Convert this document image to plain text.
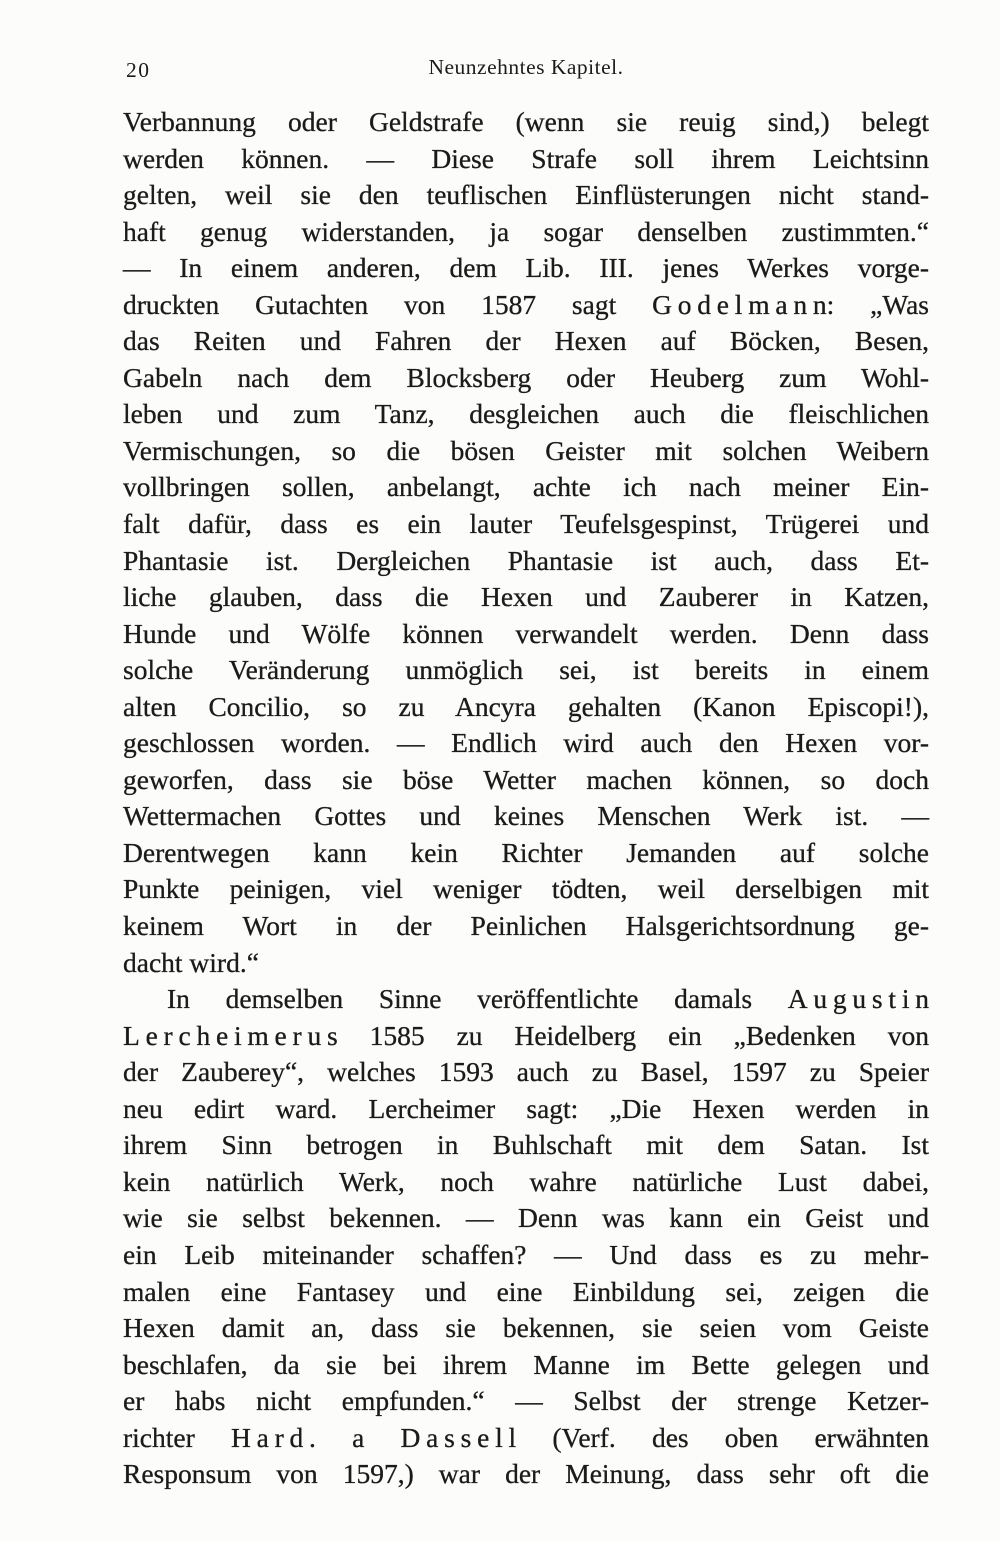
20	Neunzehntes Kapitel.
Verbannung oder Geldstrafe (wenn sie reuig sind,) belegt
werden können. — Diese Strafe soll ihrem Leichtsinn
gelten, weil sie den teuflischen Einflüsterungen nicht stand-
haft genug widerstanden, ja sogar denselben zustimmten.“
— In einem anderen, dem Lib. III. jenes Werkes vorge-
druckten Gutachten von 1587 sagt Godelmann: „Was
das Reiten und Fahren der Hexen auf Böcken, Besen,
Gabeln nach dem Blocksberg oder Heuberg zum Wohl-
leben und zum Tanz, desgleichen auch die fleischlichen
Vermischungen, so die bösen Geister mit solchen Weibern
vollbringen sollen, anbelangt, achte ich nach meiner Ein-
falt dafür, dass es ein lauter Teufelsgespinst, Trügerei und
Phantasie ist. Dergleichen Phantasie ist auch, dass Et-
liche glauben, dass die Hexen und Zauberer in Katzen,
Hunde und Wölfe können verwandelt werden. Denn dass
solche Veränderung unmöglich sei, ist bereits in einem
alten Concilio, so zu Ancyra gehalten (Kanon Episcopi!),
geschlossen worden. — Endlich wird auch den Hexen vor-
geworfen, dass sie böse Wetter machen können, so doch
Wettermachen Gottes und keines Menschen Werk ist. —
Derentwegen kann kein Richter Jemanden auf solche
Punkte peinigen, viel weniger tödten, weil derselbigen mit
keinem Wort in der Peinlichen Halsgerichtsordnung ge-
dacht wird.“
In demselben Sinne veröffentlichte damals Augustin
Lercheimerus 1585 zu Heidelberg ein „Bedenken von
der Zauberey“, welches 1593 auch zu Basel, 1597 zu Speier
neu edirt ward. Lercheimer sagt: „Die Hexen werden in
ihrem Sinn betrogen in Buhlschaft mit dem Satan. Ist
kein natürlich Werk, noch wahre natürliche Lust dabei,
wie sie selbst bekennen. — Denn was kann ein Geist und
ein Leib miteinander schaffen? — Und dass es zu mehr-
malen eine Fantasey und eine Einbildung sei, zeigen die
Hexen damit an, dass sie bekennen, sie seien vom Geiste
beschlafen, da sie bei ihrem Manne im Bette gelegen und
er habs nicht empfunden.“ — Selbst der strenge Ketzer-
richter Hard. a Dassell (Verf. des oben erwähnten
Responsum von 1597,) war der Meinung, dass sehr oft die
